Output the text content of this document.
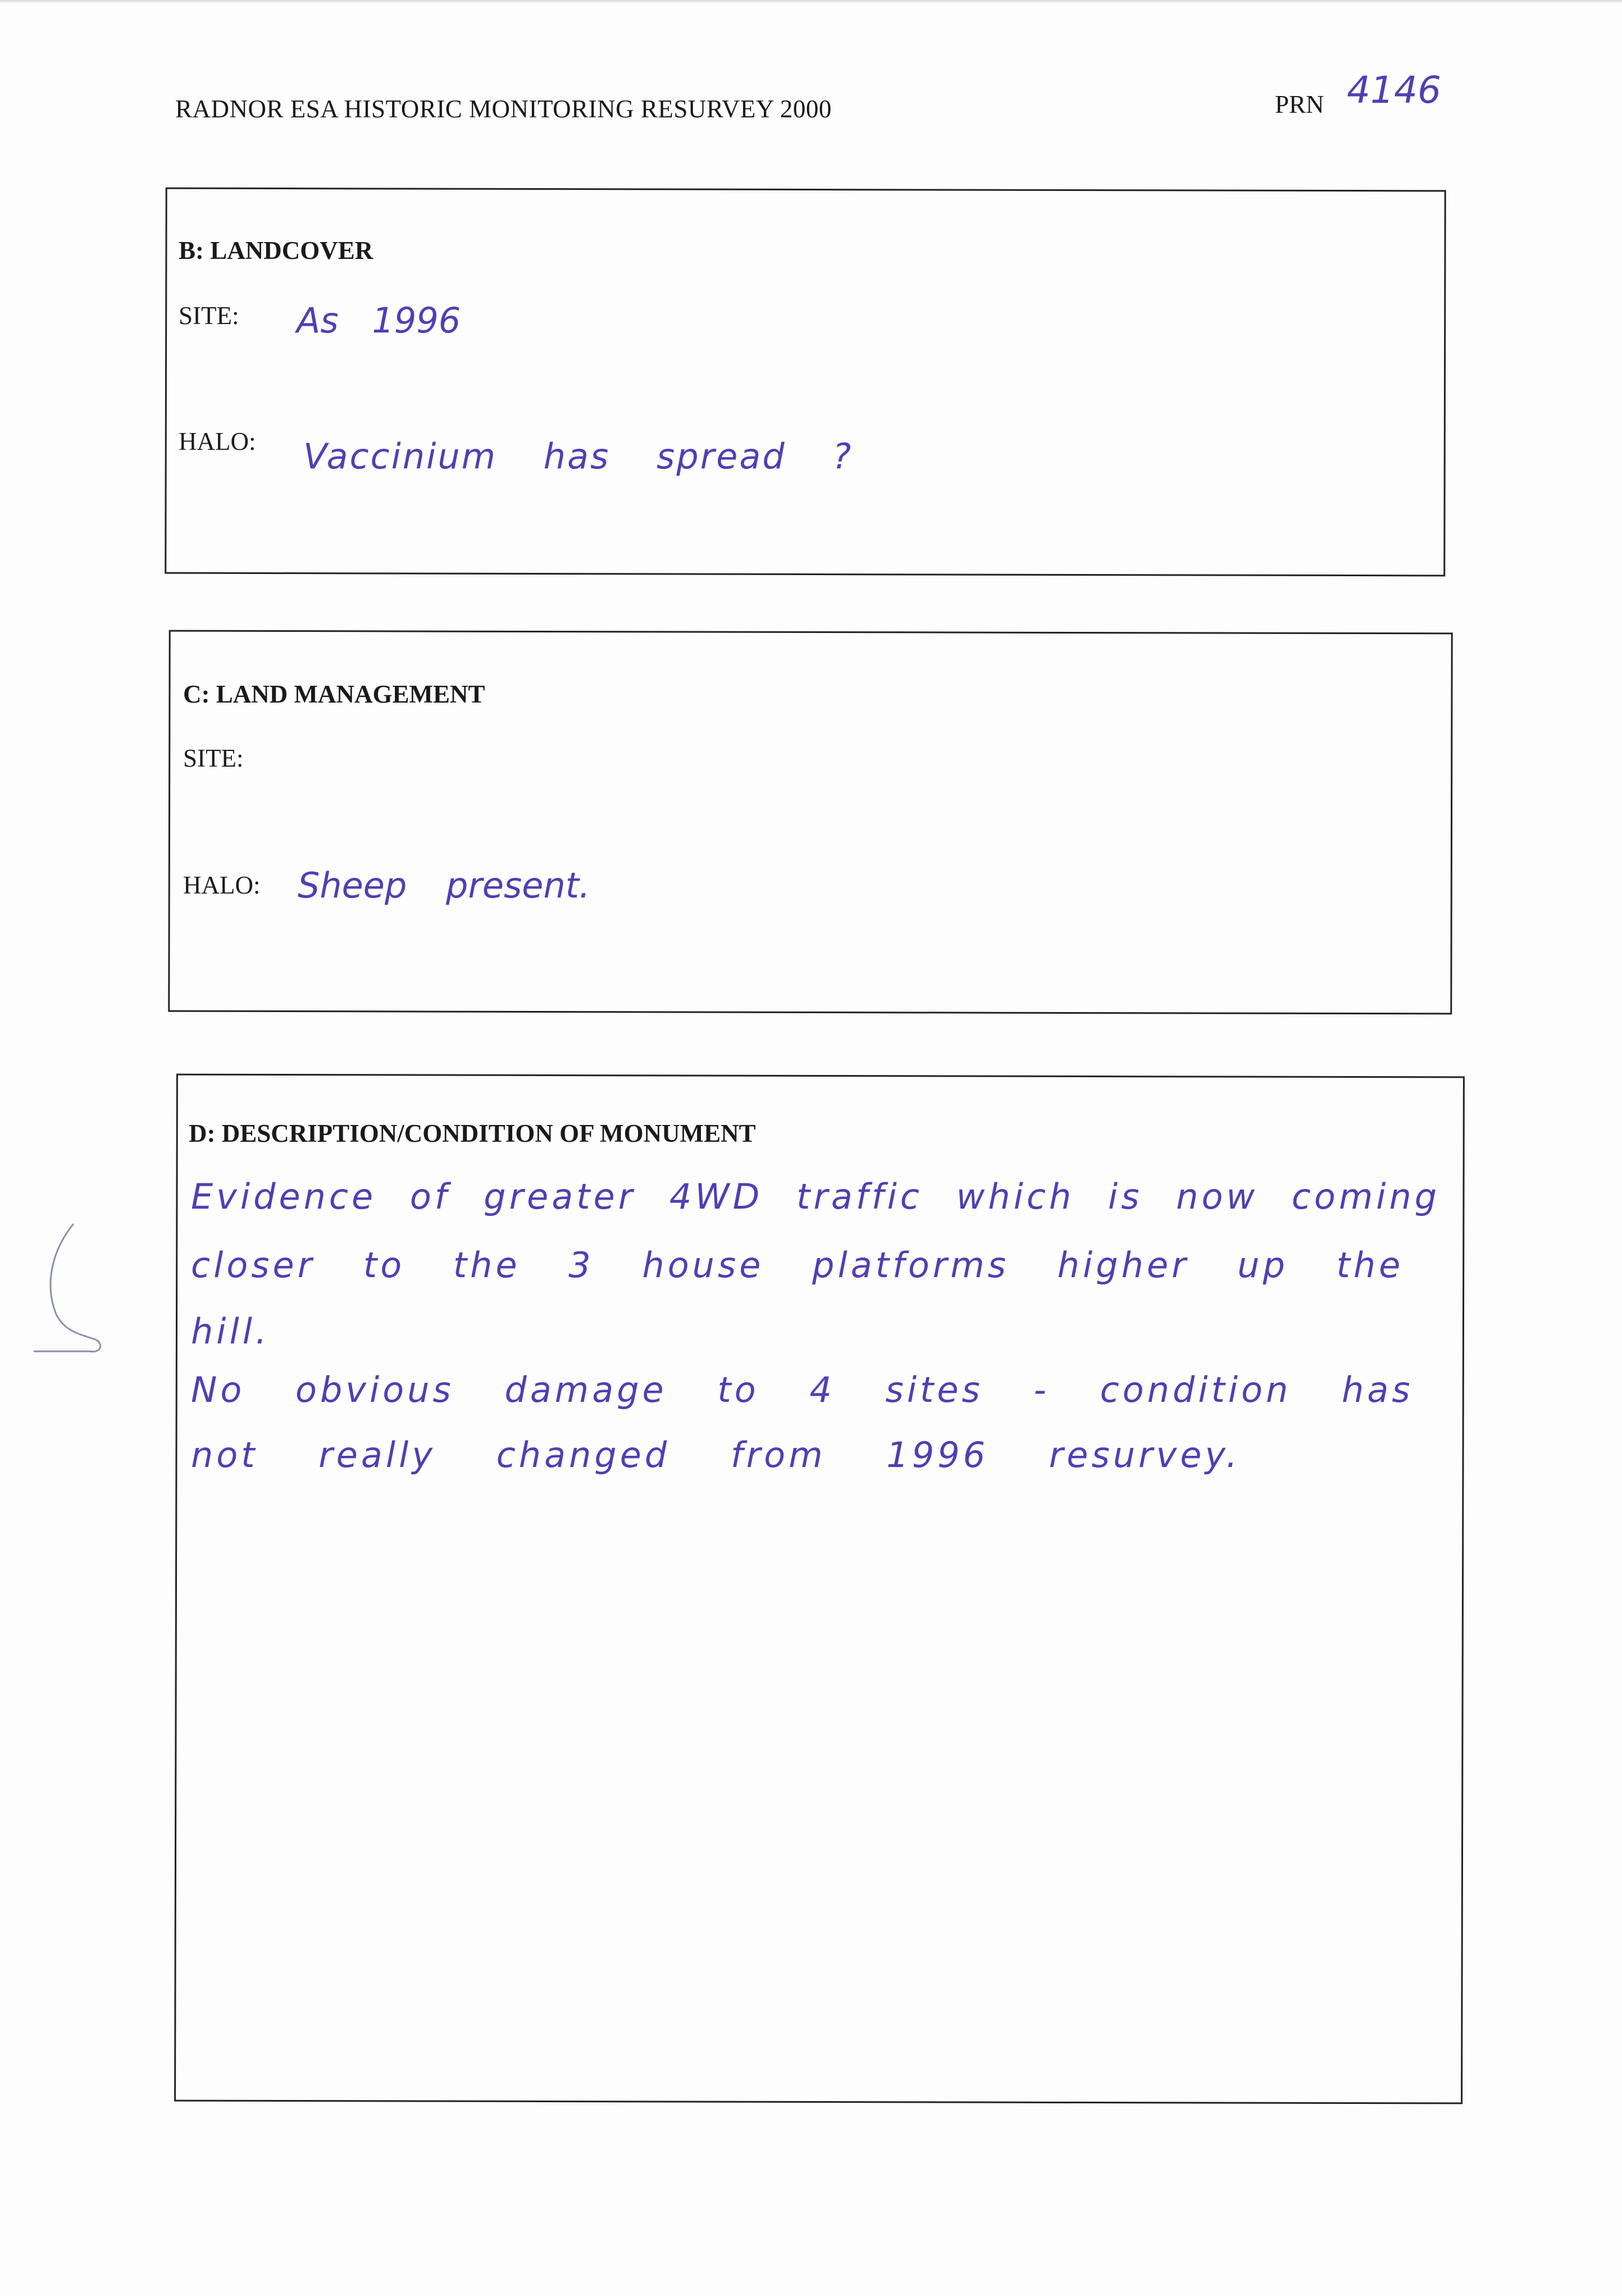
RADNOR ESA HISTORIC MONITORING RESURVEY 2000	PRN 4146
B: LANDCOVER
SITE: As 1996
HALO: Vaccinium has spread ?
C: LAND MANAGEMENT
SITE:
HALO: Sheep present.
D: DESCRIPTION/CONDITION OF MONUMENT
Evidence of greater 4WD traffic which is now coming
closer to the 3 house platforms higher up the
hill.
No obvious damage to 4 sites - condition has
not really changed from 1996 resurvey.
